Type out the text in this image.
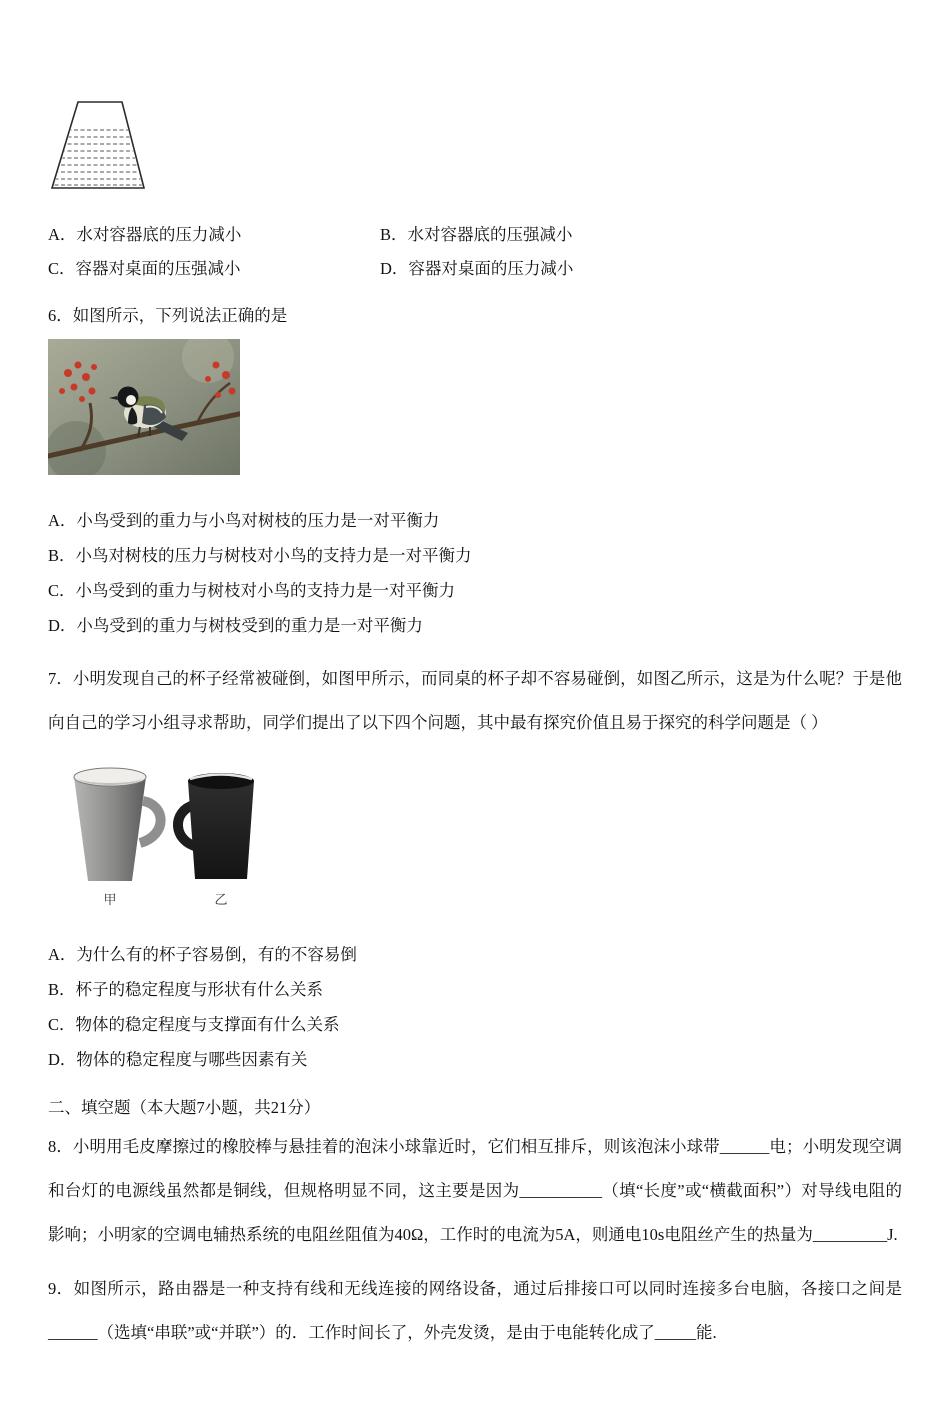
A．水对容器底的压力减小	B．水对容器底的压强减小

C．容器对桌面的压强减小	D．容器对桌面的压力减小

6．如图所示，下列说法正确的是

A．小鸟受到的重力与小鸟对树枝的压力是一对平衡力

B．小鸟对树枝的压力与树枝对小鸟的支持力是一对平衡力

C．小鸟受到的重力与树枝对小鸟的支持力是一对平衡力

D．小鸟受到的重力与树枝受到的重力是一对平衡力

7．小明发现自己的杯子经常被碰倒，如图甲所示，而同桌的杯子却不容易碰倒，如图乙所示，这是为什么呢？于是他向自己的学习小组寻求帮助，同学们提出了以下四个问题，其中最有探究价值且易于探究的科学问题是（ ）

甲	乙

A．为什么有的杯子容易倒，有的不容易倒

B．杯子的稳定程度与形状有什么关系

C．物体的稳定程度与支撑面有什么关系

D．物体的稳定程度与哪些因素有关

二、填空题（本大题7小题，共21分）

8．小明用毛皮摩擦过的橡胶棒与悬挂着的泡沫小球靠近时，它们相互排斥，则该泡沫小球带______电；小明发现空调和台灯的电源线虽然都是铜线，但规格明显不同，这主要是因为__________（填“长度”或“横截面积”）对导线电阻的影响；小明家的空调电辅热系统的电阻丝阻值为40Ω，工作时的电流为5A，则通电10s电阻丝产生的热量为_________J.

9．如图所示，路由器是一种支持有线和无线连接的网络设备，通过后排接口可以同时连接多台电脑，各接口之间是______（选填“串联”或“并联”）的．工作时间长了，外壳发烫，是由于电能转化成了_____能.
